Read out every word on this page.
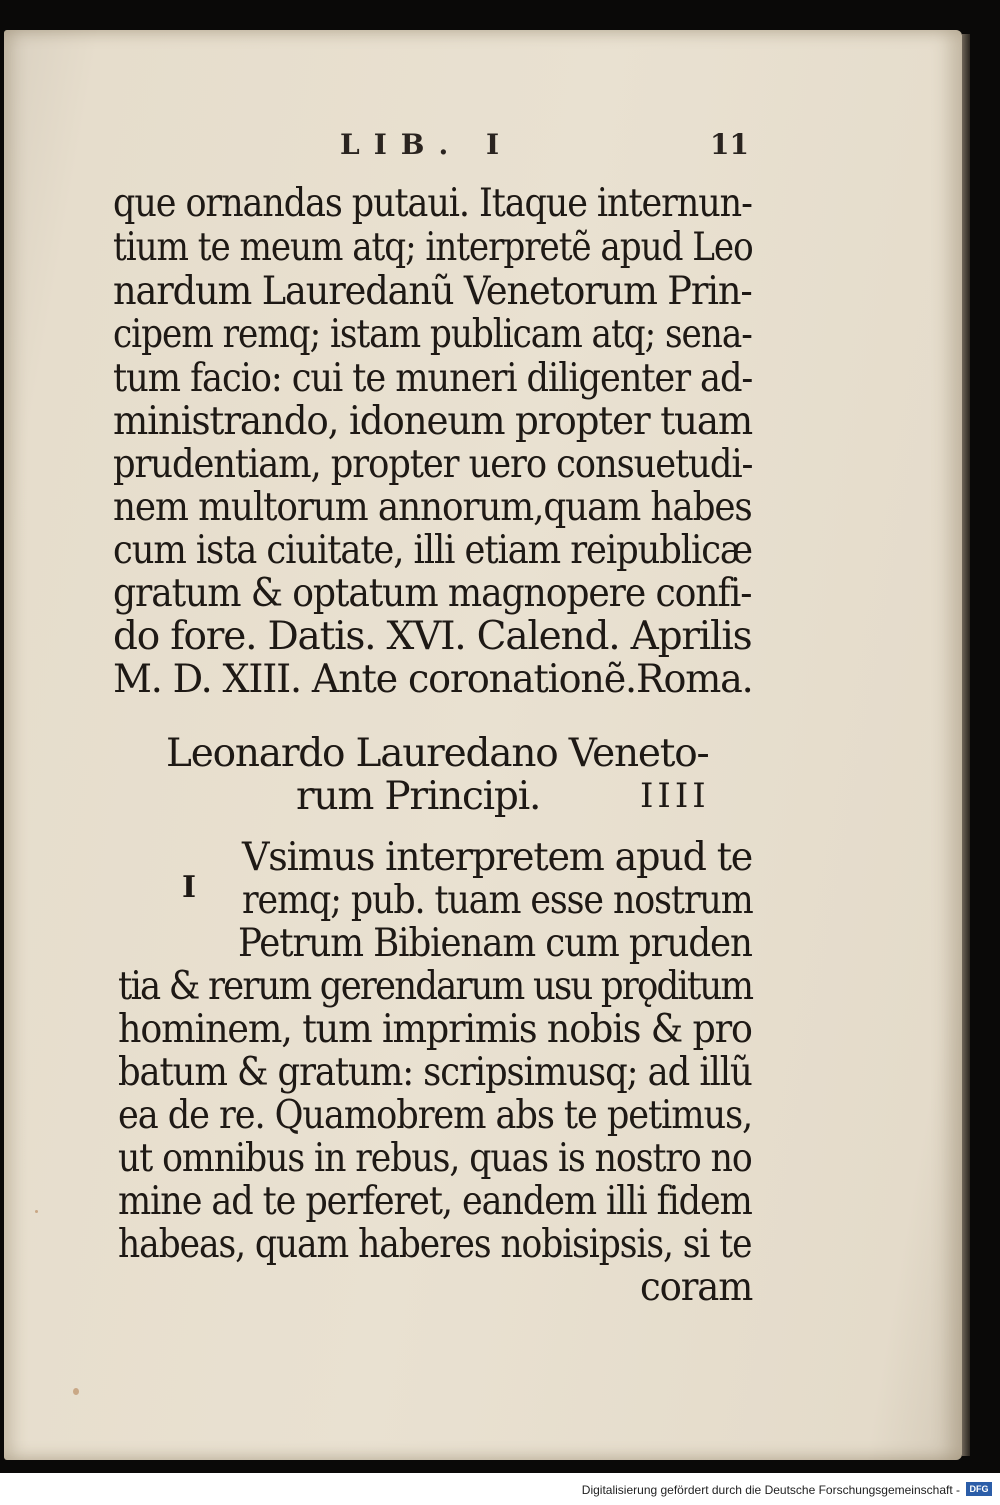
LIB. I	11
que ornandas putaui. Itaque internun-
tium te meum atq; interpretẽ apud Leo
nardum Lauredanũ Venetorum Prin-
cipem remq; istam publicam atq; sena-
tum facio: cui te muneri diligenter ad-
ministrando, idoneum propter tuam
prudentiam, propter uero consuetudi-
nem multorum annorum,quam habes
cum ista ciuitate, illi etiam reipublicæ
gratum & optatum magnopere confi-
do fore. Datis. XVI. Calend. Aprilis
M. D. XIII. Ante coronationẽ.Roma.
Leonardo Lauredano Veneto-
rum Principi.	IIII
I
Vsimus interpretem apud te
remq; pub. tuam esse nostrum
Petrum Bibienam cum pruden
tia & rerum gerendarum usu prǫditum
hominem, tum imprimis nobis & pro
batum & gratum: scripsimusq; ad illũ
ea de re. Quamobrem abs te petimus,
ut omnibus in rebus, quas is nostro no
mine ad te perferet, eandem illi fidem
habeas, quam haberes nobisipsis, si te
coram
Digitalisierung gefördert durch die Deutsche Forschungsgemeinschaft -	DFG
